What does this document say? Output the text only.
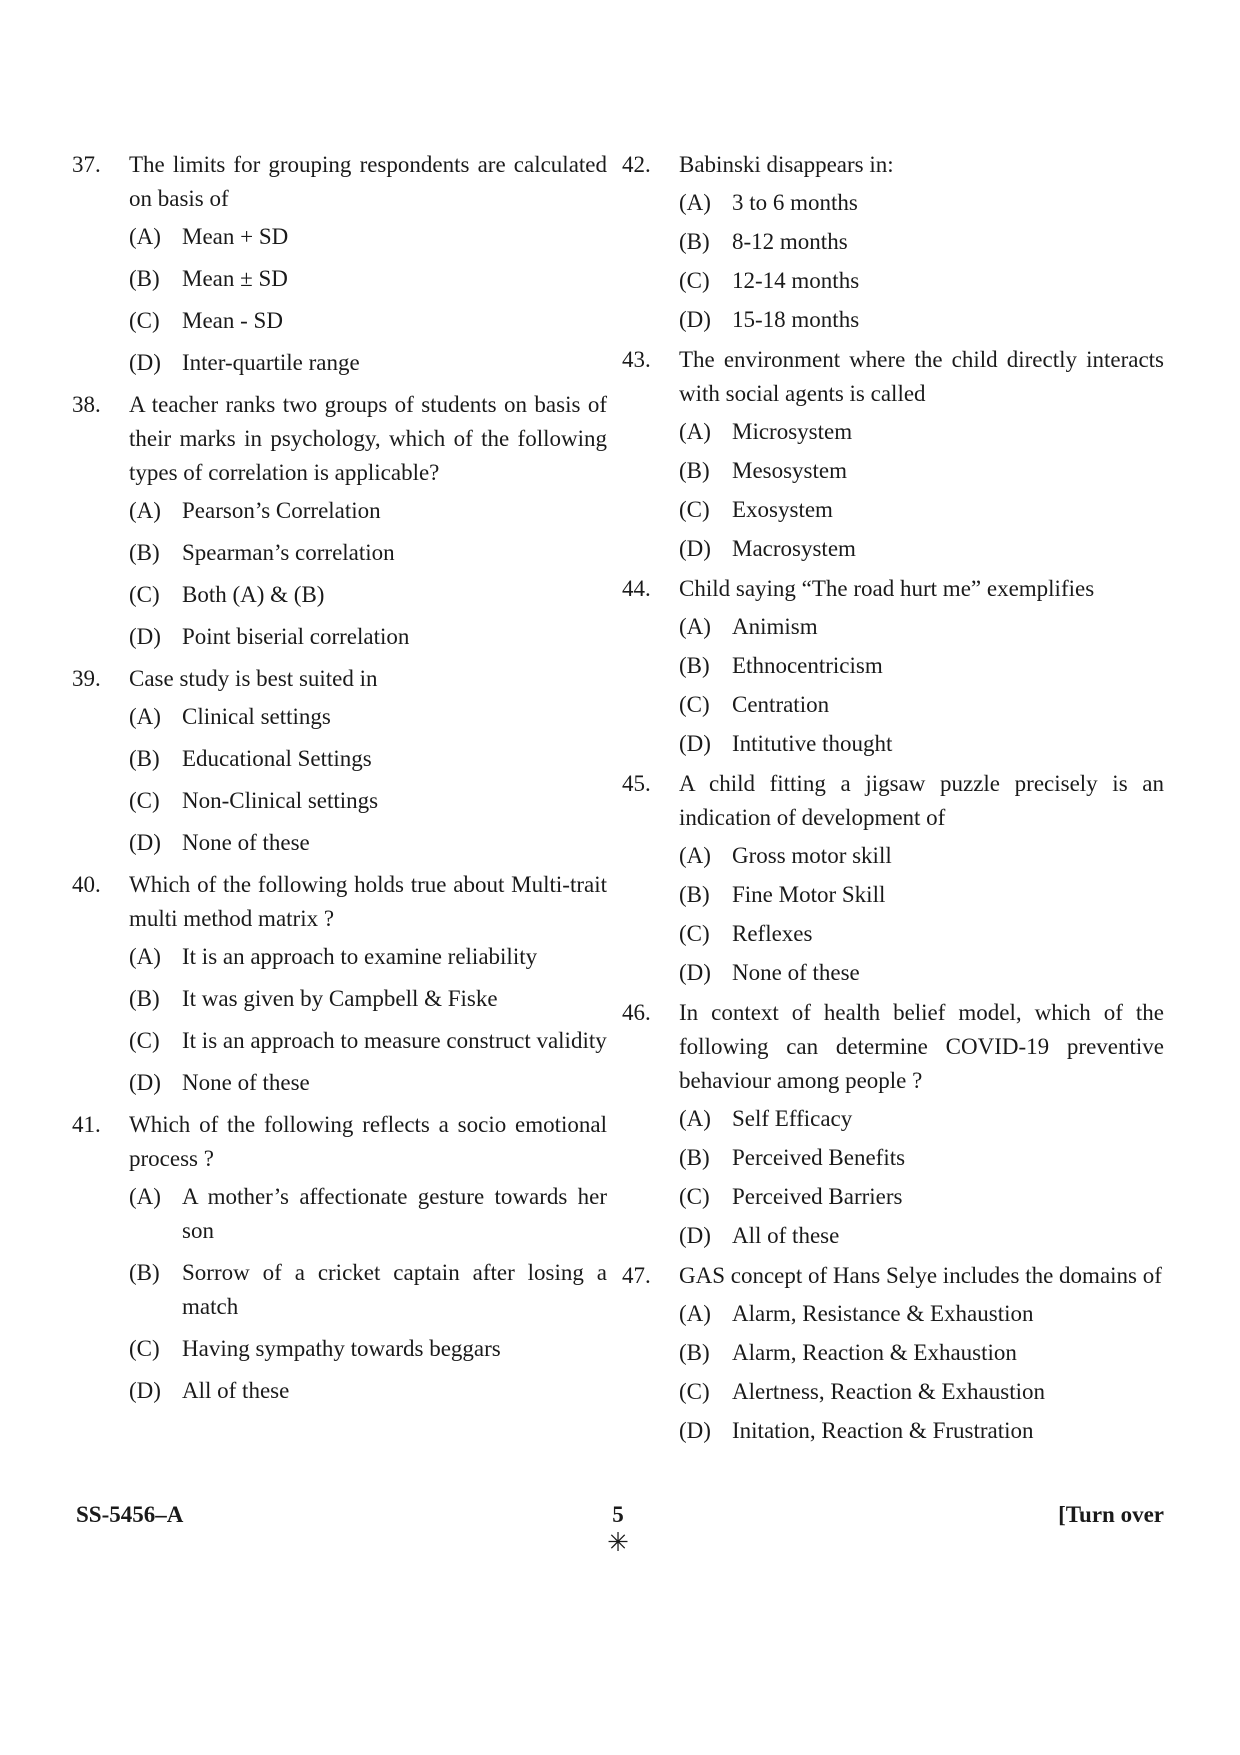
37.	The limits for grouping respondents are calculated on basis of
(A) Mean + SD
(B) Mean ± SD
(C) Mean - SD
(D) Inter-quartile range
38.	A teacher ranks two groups of students on basis of their marks in psychology, which of the following types of correlation is applicable?
(A) Pearson’s Correlation
(B) Spearman’s correlation
(C) Both (A) & (B)
(D) Point biserial correlation
39.	Case study is best suited in
(A) Clinical settings
(B) Educational Settings
(C) Non-Clinical settings
(D) None of these
40.	Which of the following holds true about Multi-trait multi method matrix ?
(A) It is an approach to examine reliability
(B) It was given by Campbell & Fiske
(C) It is an approach to measure construct validity
(D) None of these
41.	Which of the following reflects a socio emotional process ?
(A) A mother’s affectionate gesture towards her son
(B) Sorrow of a cricket captain after losing a match
(C) Having sympathy towards beggars
(D) All of these
42.	Babinski disappears in:
(A) 3 to 6 months
(B) 8-12 months
(C) 12-14 months
(D) 15-18 months
43.	The environment where the child directly interacts with social agents is called
(A) Microsystem
(B) Mesosystem
(C) Exosystem
(D) Macrosystem
44.	Child saying “The road hurt me” exemplifies
(A) Animism
(B) Ethnocentricism
(C) Centration
(D) Intitutive thought
45.	A child fitting a jigsaw puzzle precisely is an indication of development of
(A) Gross motor skill
(B) Fine Motor Skill
(C) Reflexes
(D) None of these
46.	In context of health belief model, which of the following can determine COVID-19 preventive behaviour among people ?
(A) Self Efficacy
(B) Perceived Benefits
(C) Perceived Barriers
(D) All of these
47.	GAS concept of Hans Selye includes the domains of
(A) Alarm, Resistance & Exhaustion
(B) Alarm, Reaction & Exhaustion
(C) Alertness, Reaction & Exhaustion
(D) Initation, Reaction & Frustration
SS-5456–A	5
✳
[Turn over
